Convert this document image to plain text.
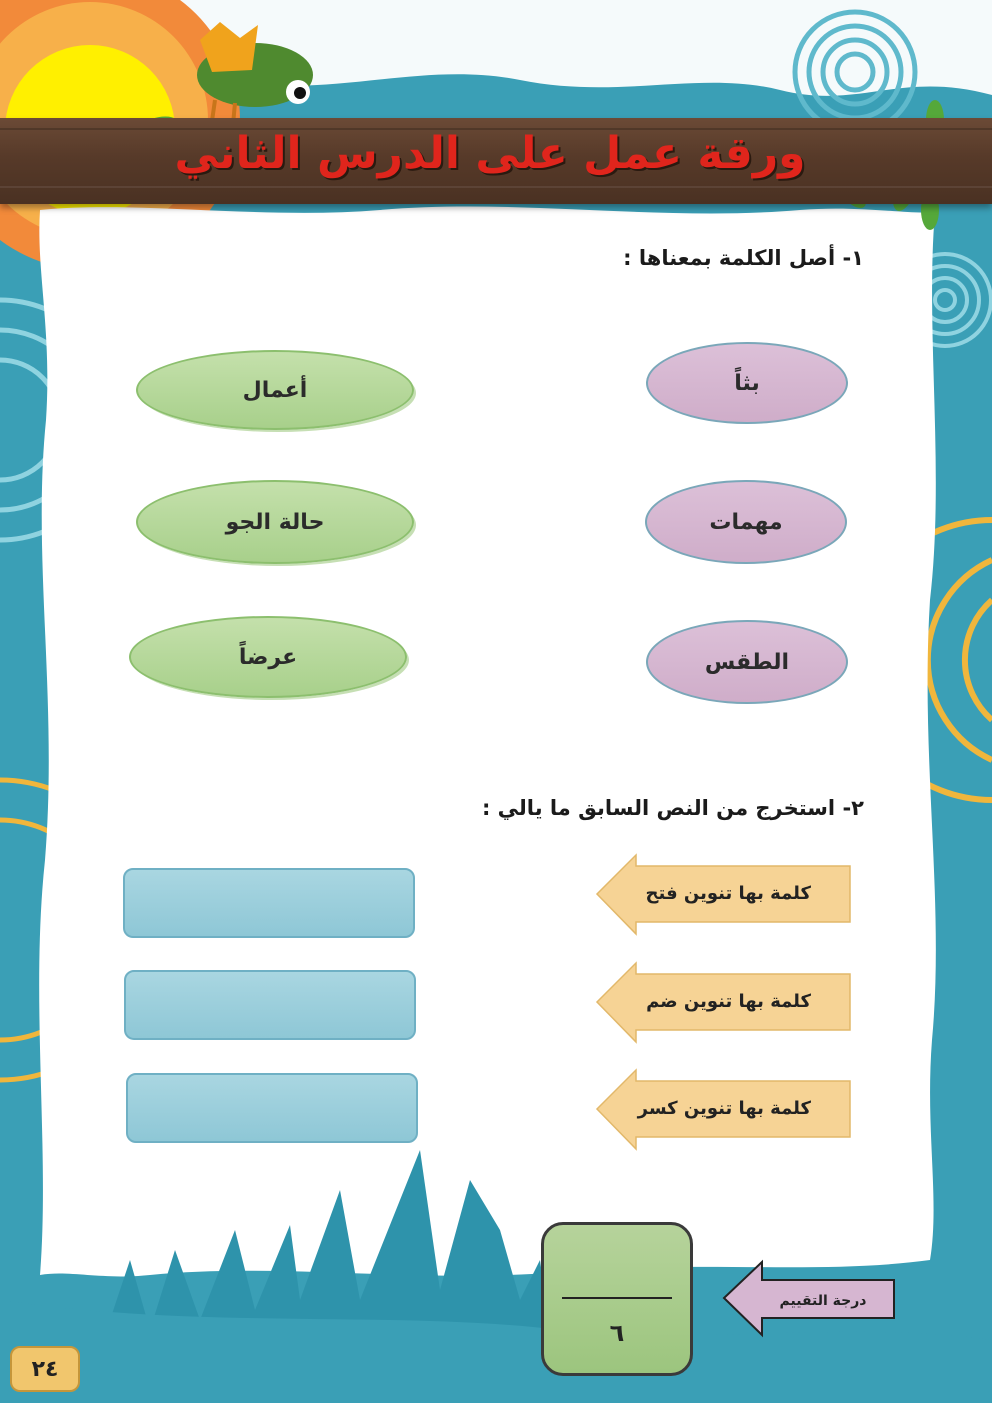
ورقة عمل على الدرس الثاني

١- أصل الكلمة بمعناها :

بثاً
مهمات
الطقس
أعمال
حالة الجو
عرضاً

٢- استخرج من النص السابق ما يالي :

كلمة بها تنوين فتح
كلمة بها تنوين ضم
كلمة بها تنوين كسر
٦
درجة التقييم
٢٤
